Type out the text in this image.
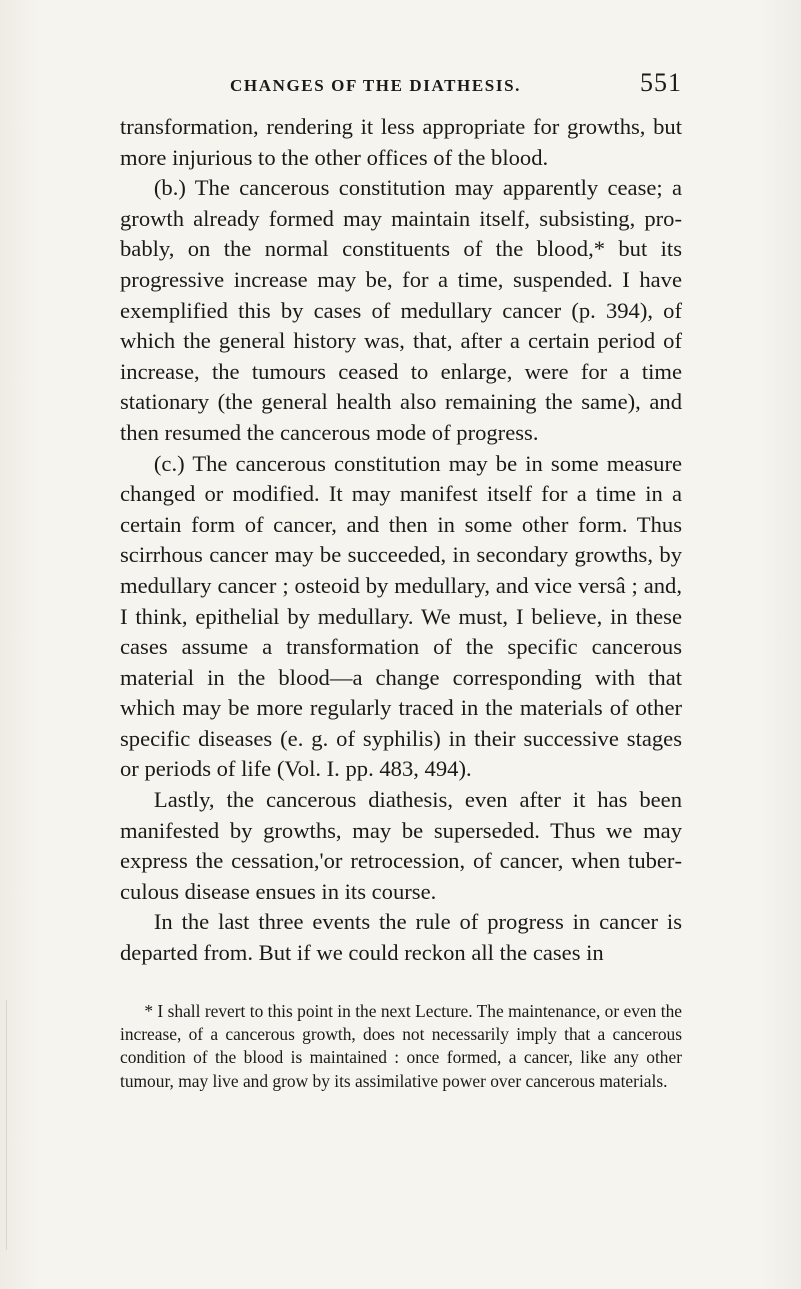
CHANGES OF THE DIATHESIS.	551

transformation, rendering it less appropriate for growths, but more injurious to the other offices of the blood.

(b.) The cancerous constitution may apparently cease; a growth already formed may maintain itself, subsisting, probably, on the normal constituents of the blood,* but its progressive increase may be, for a time, suspended. I have exemplified this by cases of medullary cancer (p. 394), of which the general history was, that, after a certain period of increase, the tumours ceased to enlarge, were for a time stationary (the general health also remaining the same), and then resumed the cancerous mode of progress.

(c.) The cancerous constitution may be in some measure changed or modified. It may manifest itself for a time in a certain form of cancer, and then in some other form. Thus scirrhous cancer may be succeeded, in secondary growths, by medullary cancer ; osteoid by medullary, and vice versâ ; and, I think, epithelial by medullary. We must, I believe, in these cases assume a transformation of the specific cancerous material in the blood—a change corresponding with that which may be more regularly traced in the materials of other specific diseases (e. g. of syphilis) in their successive stages or periods of life (Vol. I. pp. 483, 494).

Lastly, the cancerous diathesis, even after it has been manifested by growths, may be superseded. Thus we may express the cessation,'or retrocession, of cancer, when tuberculous disease ensues in its course.

In the last three events the rule of progress in cancer is departed from. But if we could reckon all the cases in

* I shall revert to this point in the next Lecture. The maintenance, or even the increase, of a cancerous growth, does not necessarily imply that a cancerous condition of the blood is maintained : once formed, a cancer, like any other tumour, may live and grow by its assimilative power over cancerous materials.
